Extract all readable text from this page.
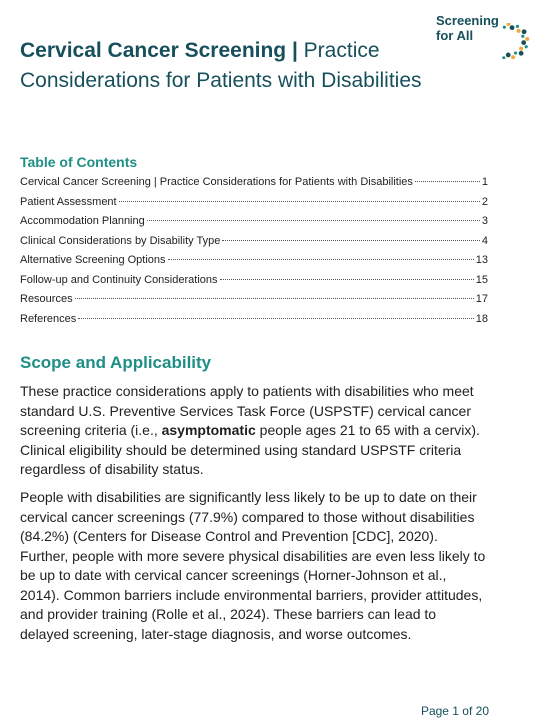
Screening
for All
Cervical Cancer Screening | Practice Considerations for Patients with Disabilities
Table of Contents
Cervical Cancer Screening | Practice Considerations for Patients with Disabilities	1
Patient Assessment	2
Accommodation Planning	3
Clinical Considerations by Disability Type	4
Alternative Screening Options	13
Follow-up and Continuity Considerations	15
Resources	17
References	18
Scope and Applicability

These practice considerations apply to patients with disabilities who meet standard U.S. Preventive Services Task Force (USPSTF) cervical cancer screening criteria (i.e., asymptomatic people ages 21 to 65 with a cervix). Clinical eligibility should be determined using standard USPSTF criteria regardless of disability status.

People with disabilities are significantly less likely to be up to date on their cervical cancer screenings (77.9%) compared to those without disabilities (84.2%) (Centers for Disease Control and Prevention [CDC], 2020). Further, people with more severe physical disabilities are even less likely to be up to date with cervical cancer screenings (Horner-Johnson et al., 2014). Common barriers include environmental barriers, provider attitudes, and provider training (Rolle et al., 2024). These barriers can lead to delayed screening, later-stage diagnosis, and worse outcomes.

Page 1 of 20
